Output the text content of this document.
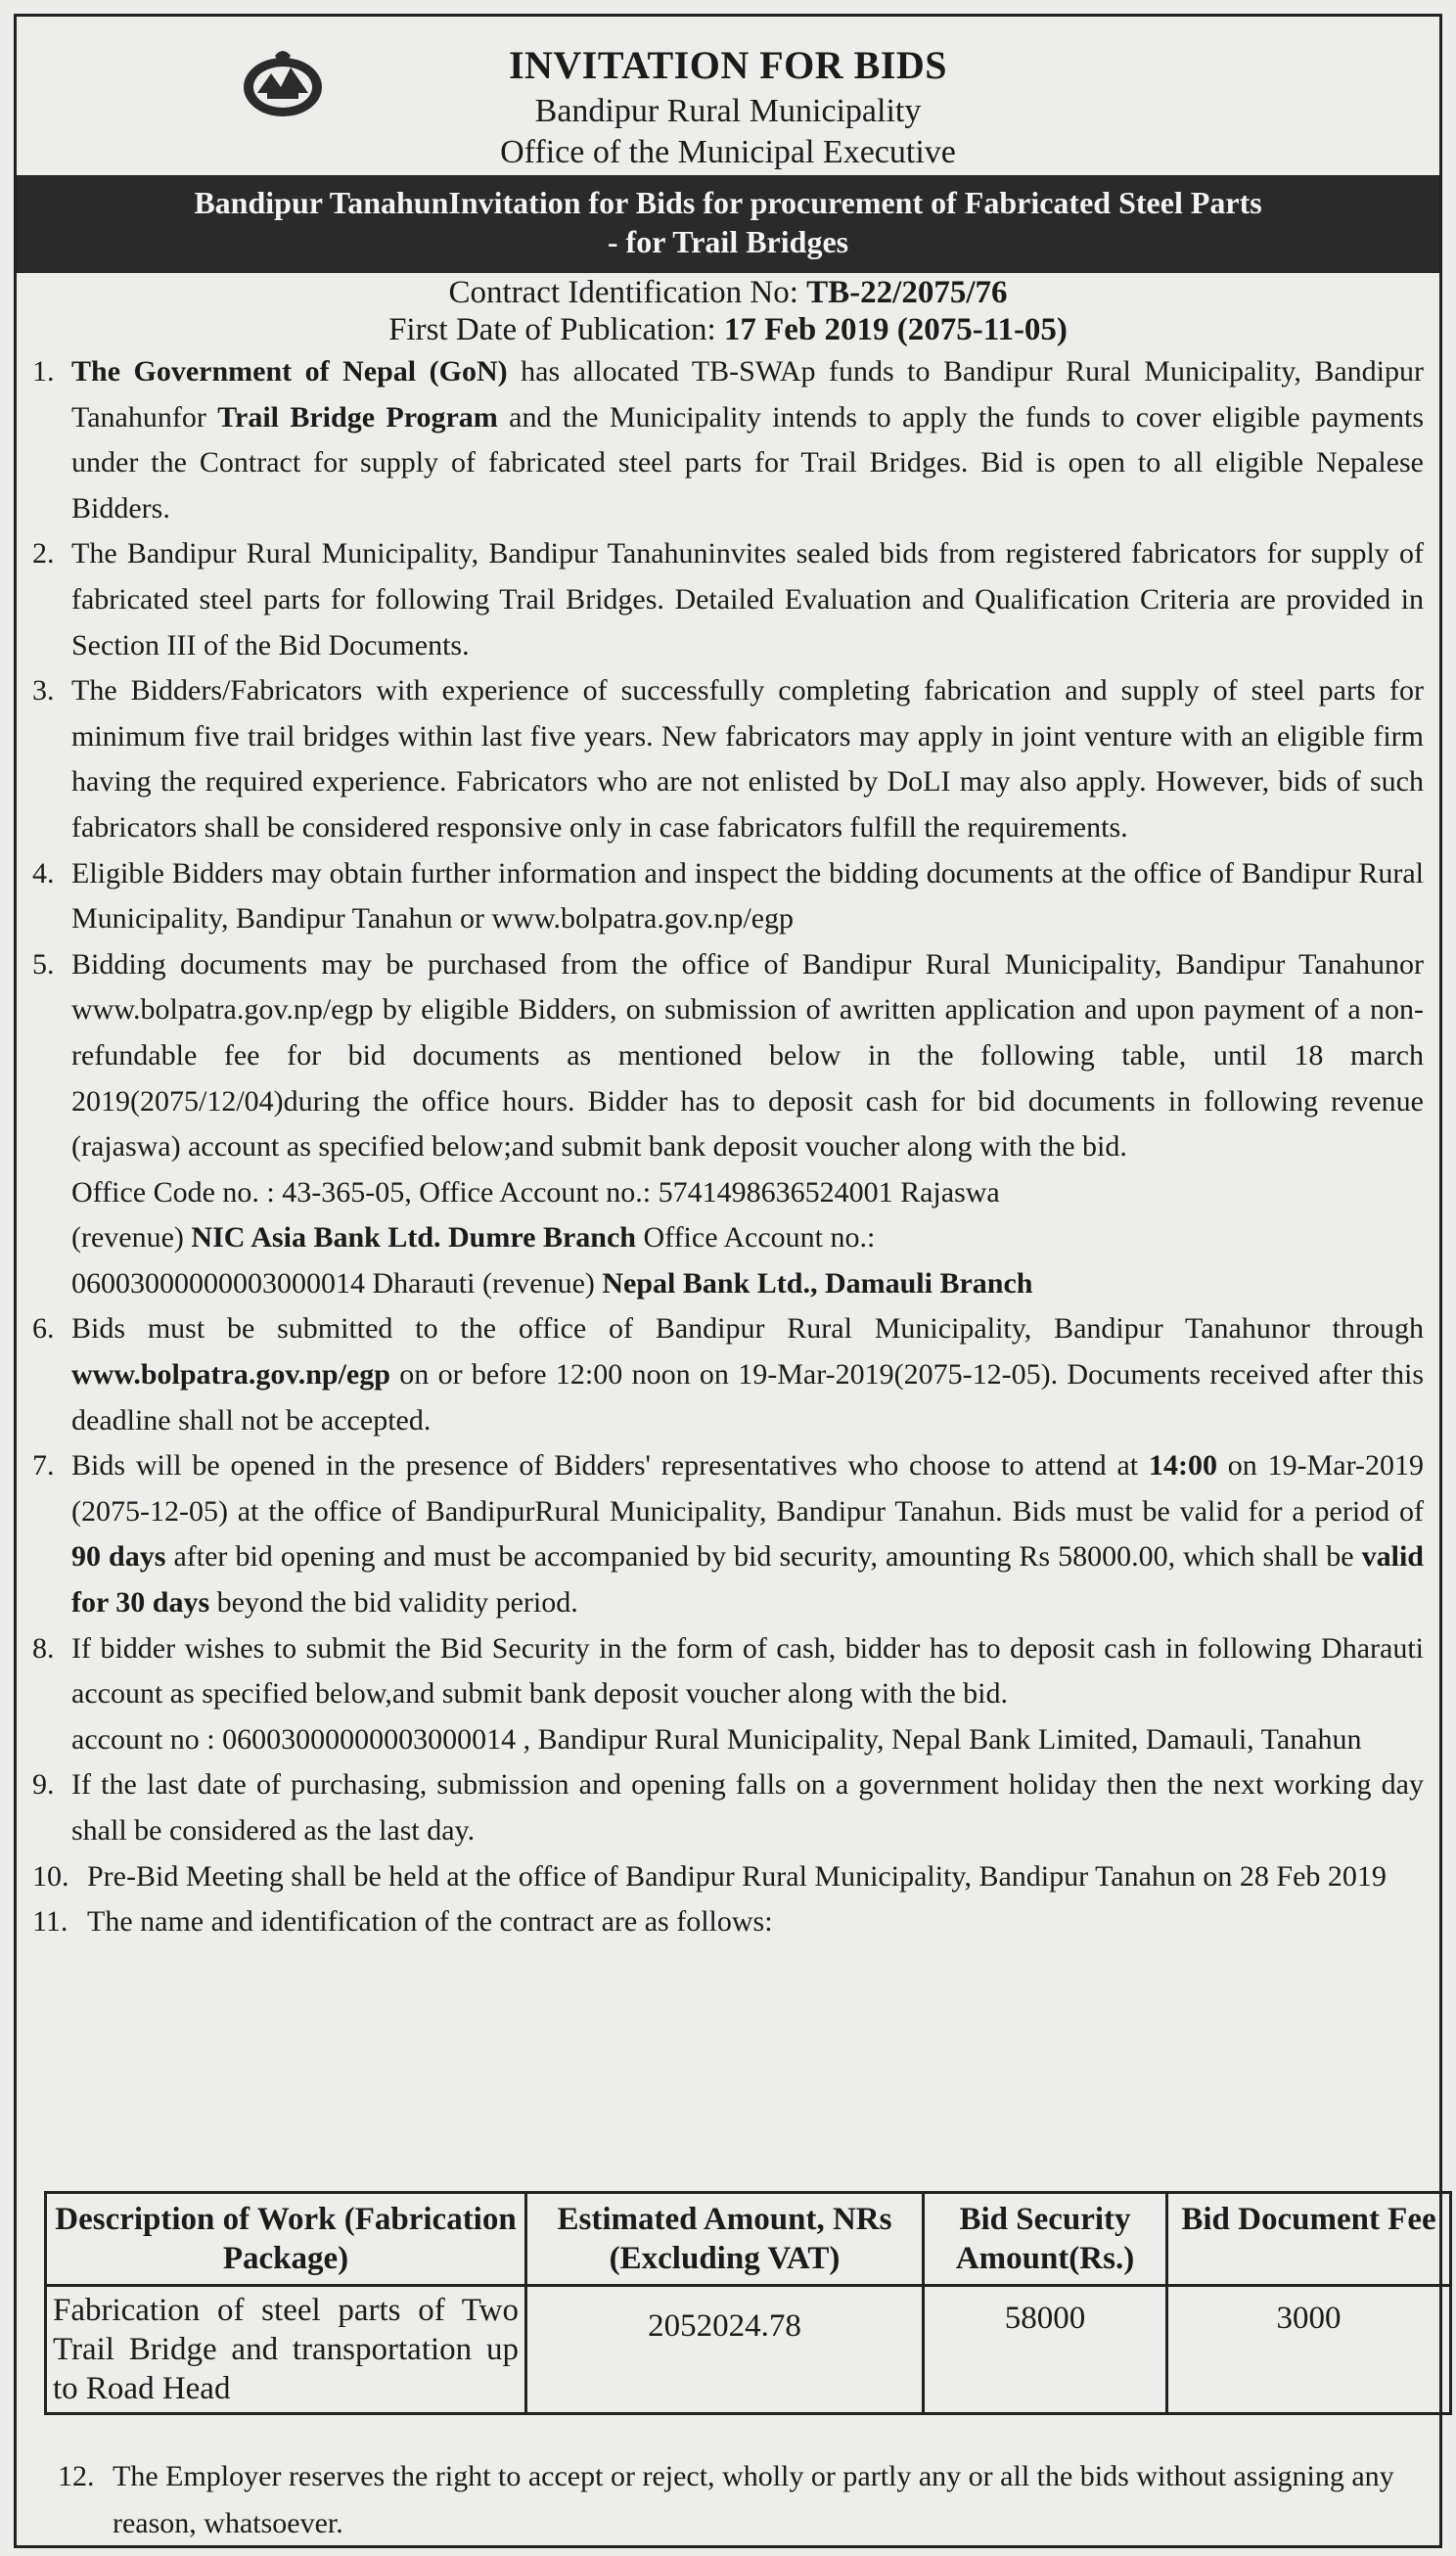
INVITATION FOR BIDS
Bandipur Rural Municipality
Office of the Municipal Executive
Bandipur TanahunInvitation for Bids for procurement of Fabricated Steel Parts
- for Trail Bridges
Contract Identification No: TB-22/2075/76
First Date of Publication: 17 Feb 2019 (2075-11-05)
1. The Government of Nepal (GoN) has allocated TB-SWAp funds to Bandipur Rural Municipality, Bandipur Tanahunfor Trail Bridge Program and the Municipality intends to apply the funds to cover eligible payments under the Contract for supply of fabricated steel parts for Trail Bridges. Bid is open to all eligible Nepalese Bidders.
2. The Bandipur Rural Municipality, Bandipur Tanahuninvites sealed bids from registered fabricators for supply of fabricated steel parts for following Trail Bridges. Detailed Evaluation and Qualification Criteria are provided in Section III of the Bid Documents.
3. The Bidders/Fabricators with experience of successfully completing fabrication and supply of steel parts for minimum five trail bridges within last five years. New fabricators may apply in joint venture with an eligible firm having the required experience. Fabricators who are not enlisted by DoLI may also apply. However, bids of such fabricators shall be considered responsive only in case fabricators fulfill the requirements.
4. Eligible Bidders may obtain further information and inspect the bidding documents at the office of Bandipur Rural Municipality, Bandipur Tanahun or www.bolpatra.gov.np/egp
5. Bidding documents may be purchased from the office of Bandipur Rural Municipality, Bandipur Tanahunor www.bolpatra.gov.np/egp by eligible Bidders, on submission of awritten application and upon payment of a non-refundable fee for bid documents as mentioned below in the following table, until 18 march 2019(2075/12/04)during the office hours. Bidder has to deposit cash for bid documents in following revenue (rajaswa) account as specified below;and submit bank deposit voucher along with the bid.
Office Code no. : 43-365-05, Office Account no.: 5741498636524001 Rajaswa
(revenue) NIC Asia Bank Ltd. Dumre Branch Office Account no.:
06003000000003000014 Dharauti (revenue) Nepal Bank Ltd., Damauli Branch
6. Bids must be submitted to the office of Bandipur Rural Municipality, Bandipur Tanahunor through www.bolpatra.gov.np/egp on or before 12:00 noon on 19-Mar-2019(2075-12-05). Documents received after this deadline shall not be accepted.
7. Bids will be opened in the presence of Bidders' representatives who choose to attend at 14:00 on 19-Mar-2019 (2075-12-05) at the office of BandipurRural Municipality, Bandipur Tanahun. Bids must be valid for a period of 90 days after bid opening and must be accompanied by bid security, amounting Rs 58000.00, which shall be valid for 30 days beyond the bid validity period.
8. If bidder wishes to submit the Bid Security in the form of cash, bidder has to deposit cash in following Dharauti account as specified below,and submit bank deposit voucher along with the bid.
account no : 06003000000003000014 , Bandipur Rural Municipality, Nepal Bank Limited, Damauli, Tanahun
9. If the last date of purchasing, submission and opening falls on a government holiday then the next working day shall be considered as the last day.
10. Pre-Bid Meeting shall be held at the office of Bandipur Rural Municipality, Bandipur Tanahun on 28 Feb 2019
11. The name and identification of the contract are as follows:
Description of Work (Fabrication Package)	Estimated Amount, NRs (Excluding VAT)	Bid Security Amount(Rs.)	Bid Document Fee
Fabrication of steel parts of Two Trail Bridge and transportation up to Road Head	2052024.78	58000	3000
12. The Employer reserves the right to accept or reject, wholly or partly any or all the bids without assigning any reason, whatsoever.
